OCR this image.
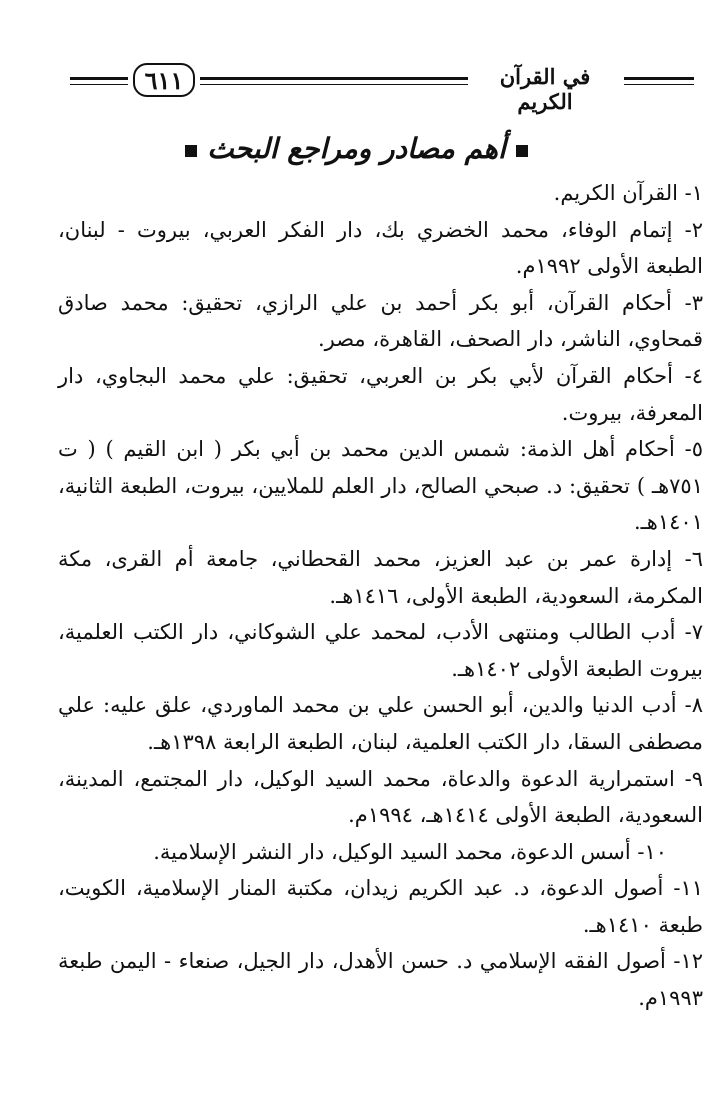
٦١١	في القرآن الكريم
أهم مصادر ومراجع البحث
١- القرآن الكريم.
٢- إتمام الوفاء، محمد الخضري بك، دار الفكر العربي، بيروت - لبنان، الطبعة الأولى ١٩٩٢م.
٣- أحكام القرآن، أبو بكر أحمد بن علي الرازي، تحقيق: محمد صادق قمحاوي، الناشر، دار الصحف، القاهرة، مصر.
٤- أحكام القرآن لأبي بكر بن العربي، تحقيق: علي محمد البجاوي، دار المعرفة، بيروت.
٥- أحكام أهل الذمة: شمس الدين محمد بن أبي بكر ( ابن القيم ) ( ت ٧٥١هـ ) تحقيق: د. صبحي الصالح، دار العلم للملايين، بيروت، الطبعة الثانية، ١٤٠١هـ.
٦- إدارة عمر بن عبد العزيز، محمد القحطاني، جامعة أم القرى، مكة المكرمة، السعودية، الطبعة الأولى، ١٤١٦هـ.
٧- أدب الطالب ومنتهى الأدب، لمحمد علي الشوكاني، دار الكتب العلمية، بيروت الطبعة الأولى ١٤٠٢هـ.
٨- أدب الدنيا والدين، أبو الحسن علي بن محمد الماوردي، علق عليه: علي مصطفى السقا، دار الكتب العلمية، لبنان، الطبعة الرابعة ١٣٩٨هـ.
٩- استمرارية الدعوة والدعاة، محمد السيد الوكيل، دار المجتمع، المدينة، السعودية، الطبعة الأولى ١٤١٤هـ، ١٩٩٤م.
١٠- أسس الدعوة، محمد السيد الوكيل، دار النشر الإسلامية.
١١- أصول الدعوة، د. عبد الكريم زيدان، مكتبة المنار الإسلامية، الكويت، طبعة ١٤١٠هـ.
١٢- أصول الفقه الإسلامي د. حسن الأهدل، دار الجيل، صنعاء - اليمن طبعة ١٩٩٣م.
